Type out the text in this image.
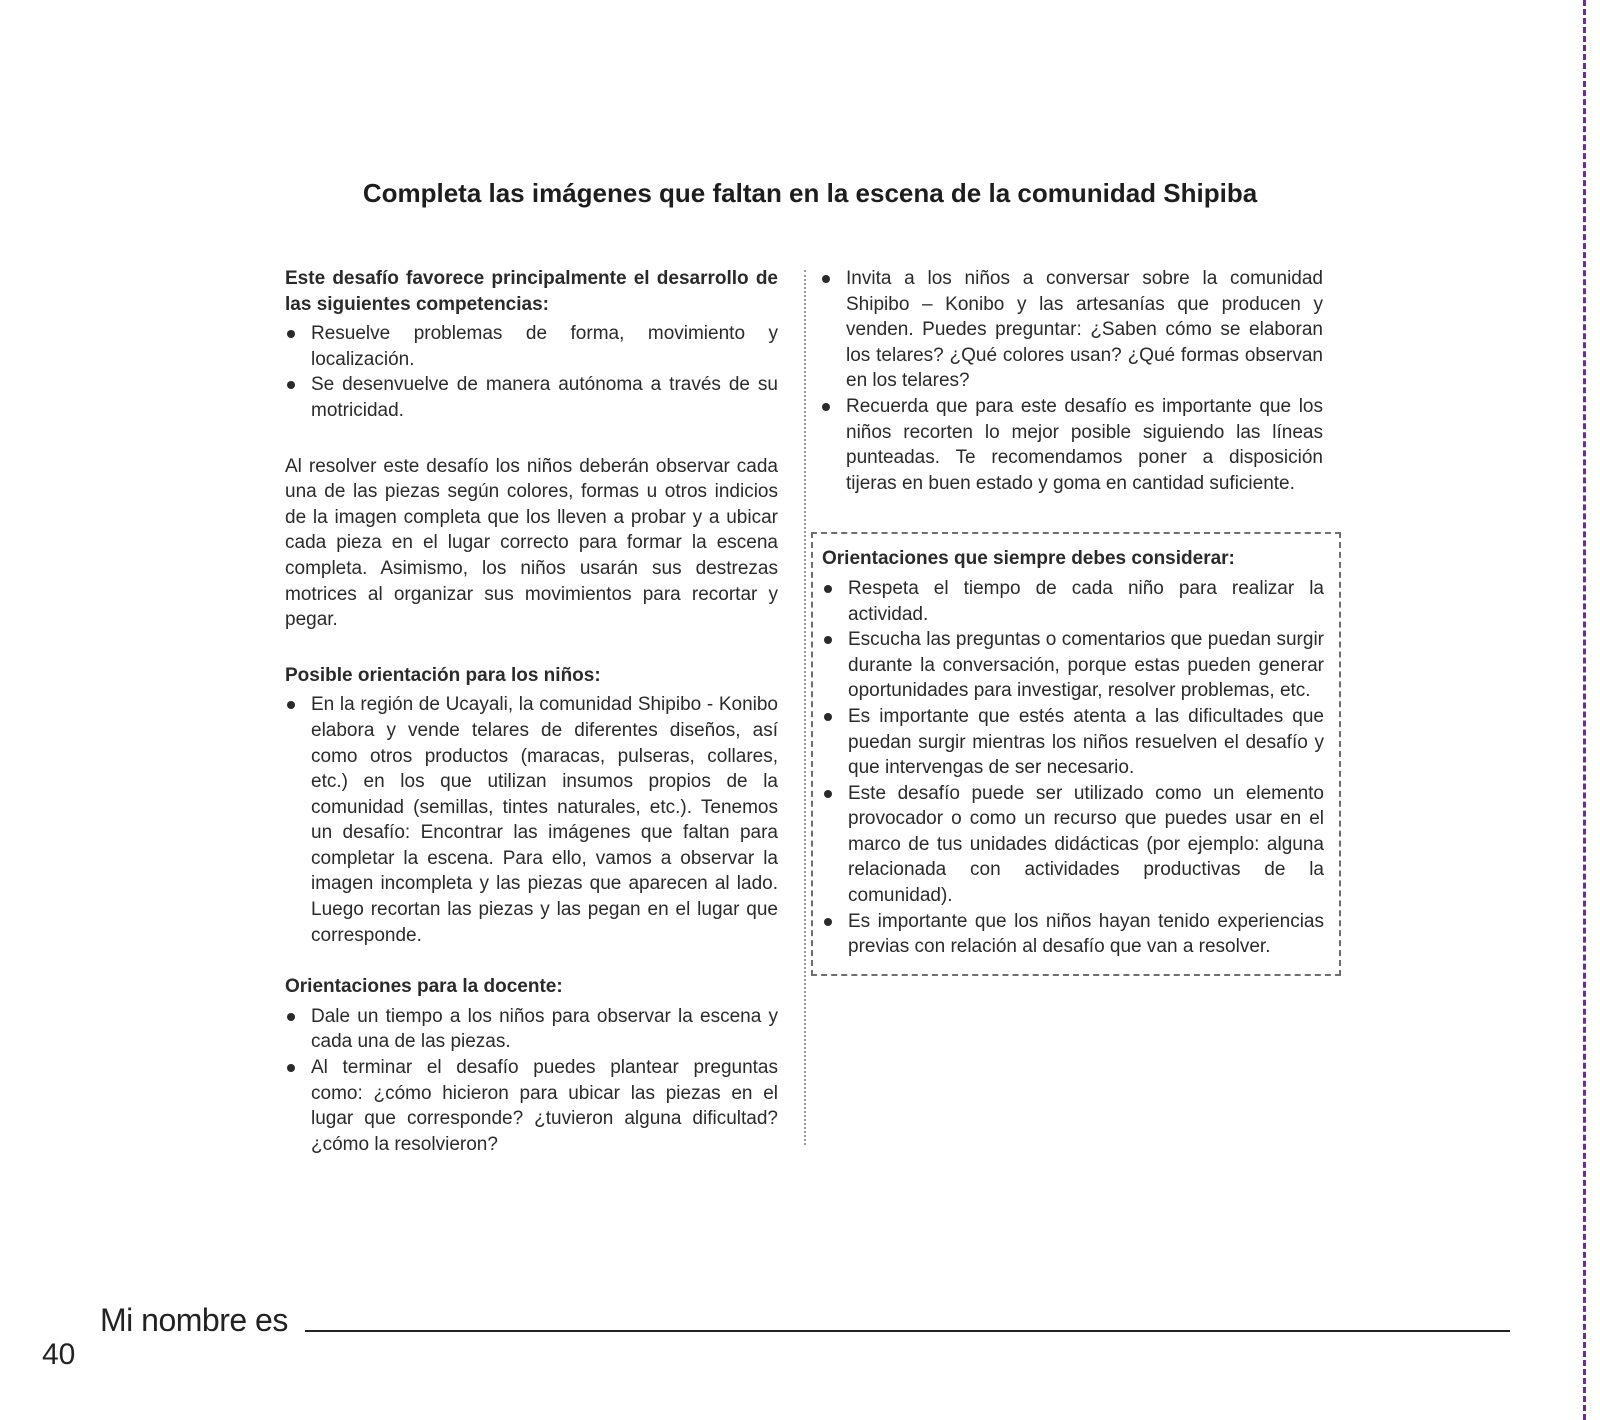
Completa las imágenes que faltan en la escena de la comunidad Shipiba

Este desafío favorece principalmente el desarrollo de las siguientes competencias:

Resuelve problemas de forma, movimiento y localización.
Se desenvuelve de manera autónoma a través de su motricidad.

Al resolver este desafío los niños deberán observar cada una de las piezas según colores, formas u otros indicios de la imagen completa que los lleven a probar y a ubicar cada pieza en el lugar correcto para formar la escena completa. Asimismo, los niños usarán sus destrezas motrices al organizar sus movimientos para recortar y pegar.

Posible orientación para los niños:

En la región de Ucayali, la comunidad Shipibo - Konibo elabora y vende telares de diferentes diseños, así como otros productos (maracas, pulseras, collares, etc.) en los que utilizan insumos propios de la comunidad (semillas, tintes naturales, etc.). Tenemos un desafío: Encontrar las imágenes que faltan para completar la escena. Para ello, vamos a observar la imagen incompleta y las piezas que aparecen al lado. Luego recortan las piezas y las pegan en el lugar que corresponde.

Orientaciones para la docente:

Dale un tiempo a los niños para observar la escena y cada una de las piezas.
Al terminar el desafío puedes plantear preguntas como: ¿cómo hicieron para ubicar las piezas en el lugar que corresponde? ¿tuvieron alguna dificultad? ¿cómo la resolvieron?
Invita a los niños a conversar sobre la comunidad Shipibo – Konibo y las artesanías que producen y venden. Puedes preguntar: ¿Saben cómo se elaboran los telares? ¿Qué colores usan? ¿Qué formas observan en los telares?
Recuerda que para este desafío es importante que los niños recorten lo mejor posible siguiendo las líneas punteadas. Te recomendamos poner a disposición tijeras en buen estado y goma en cantidad suficiente.

Orientaciones que siempre debes considerar:

Respeta el tiempo de cada niño para realizar la actividad.
Escucha las preguntas o comentarios que puedan surgir durante la conversación, porque estas pueden generar oportunidades para investigar, resolver problemas, etc.
Es importante que estés atenta a las dificultades que puedan surgir mientras los niños resuelven el desafío y que intervengas de ser necesario.
Este desafío puede ser utilizado como un elemento provocador o como un recurso que puedes usar en el marco de tus unidades didácticas (por ejemplo: alguna relacionada con actividades productivas de la comunidad).
Es importante que los niños hayan tenido experiencias previas con relación al desafío que van a resolver.
Mi nombre es
40
